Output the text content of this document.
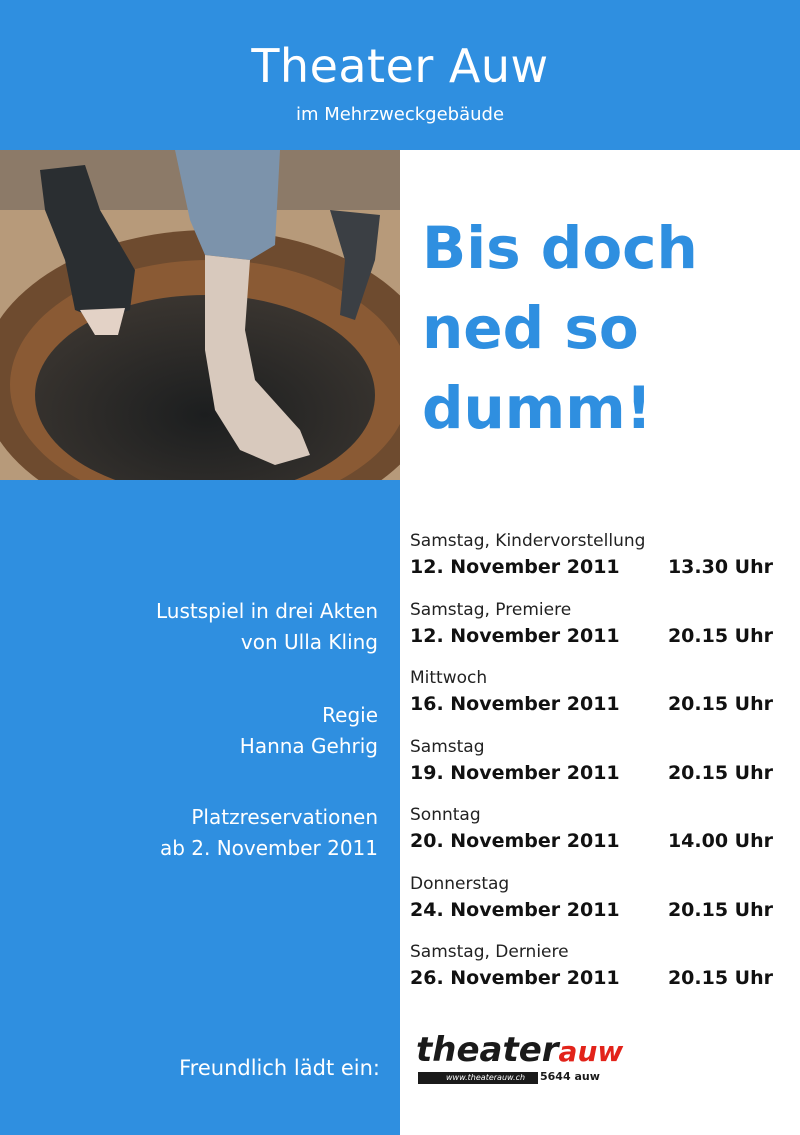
Theater Auw
im Mehrzweckgebäude
Bis doch
ned so
dumm!
Lustspiel in drei Akten
von Ulla Kling
Regie
Hanna Gehrig
Platzreservationen
ab 2. November 2011
Samstag, Kindervorstellung
12. November 2011	13.30 Uhr
Samstag, Premiere
12. November 2011	20.15 Uhr
Mittwoch
16. November 2011	20.15 Uhr
Samstag
19. November 2011	20.15 Uhr
Sonntag
20. November 2011	14.00 Uhr
Donnerstag
24. November 2011	20.15 Uhr
Samstag, Derniere
26. November 2011	20.15 Uhr
Freundlich lädt ein: theaterauw
www.theaterauw.ch	5644 auw
